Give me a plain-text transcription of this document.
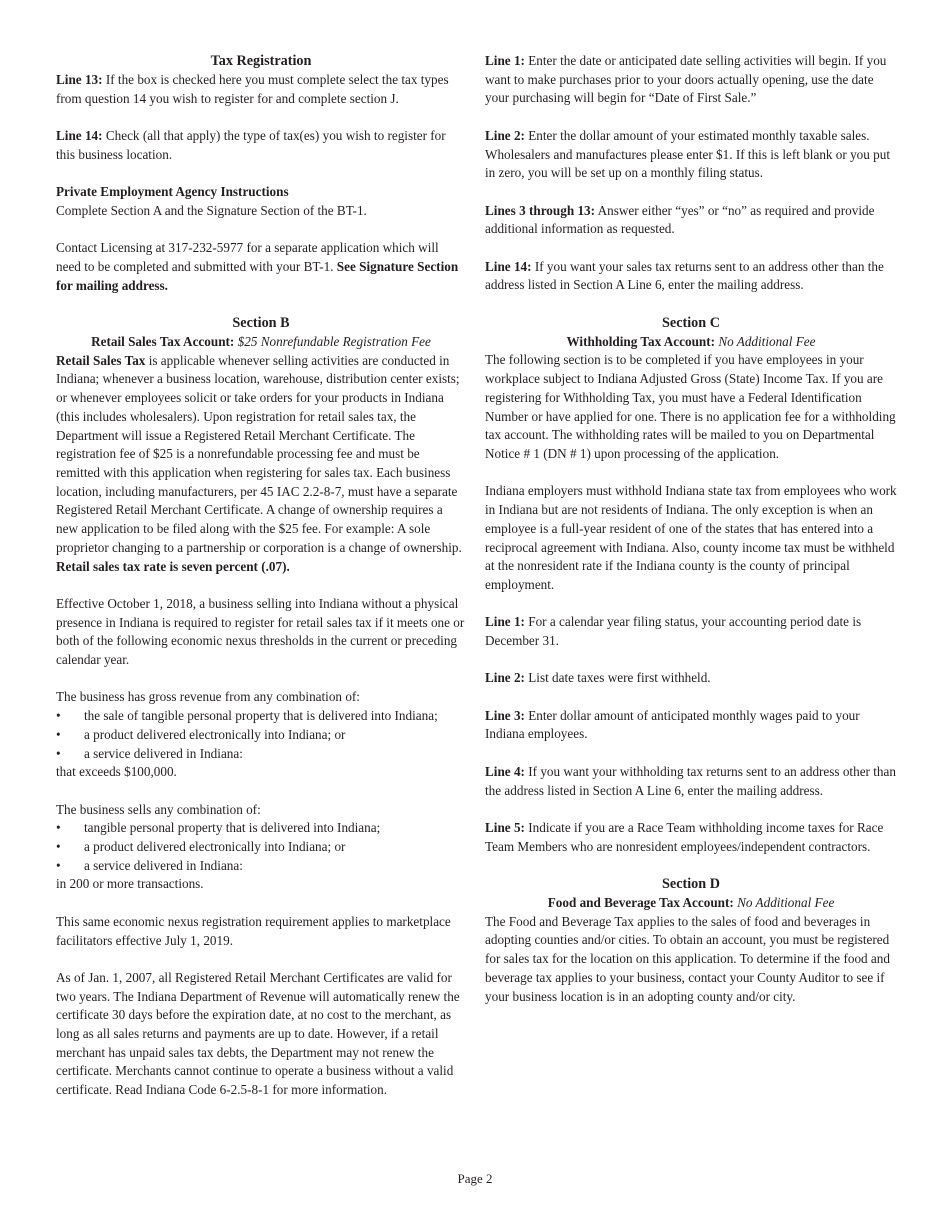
Tax Registration

Line 13: If the box is checked here you must complete select the tax types from question 14 you wish to register for and complete section J.

Line 14: Check (all that apply) the type of tax(es) you wish to register for this business location.

Private Employment Agency Instructions

Complete Section A and the Signature Section of the BT-1.

Contact Licensing at 317-232-5977 for a separate application which will need to be completed and submitted with your BT-1. See Signature Section for mailing address.

Section B

Retail Sales Tax Account: $25 Nonrefundable Registration Fee

Retail Sales Tax is applicable whenever selling activities are conducted in Indiana; whenever a business location, warehouse, distribution center exists; or whenever employees solicit or take orders for your products in Indiana (this includes wholesalers). Upon registration for retail sales tax, the Department will issue a Registered Retail Merchant Certificate. The registration fee of $25 is a nonrefundable processing fee and must be remitted with this application when registering for sales tax. Each business location, including manufacturers, per 45 IAC 2.2-8-7, must have a separate Registered Retail Merchant Certificate. A change of ownership requires a new application to be filed along with the $25 fee. For example: A sole proprietor changing to a partnership or corporation is a change of ownership. Retail sales tax rate is seven percent (.07).

Effective October 1, 2018, a business selling into Indiana without a physical presence in Indiana is required to register for retail sales tax if it meets one or both of the following economic nexus thresholds in the current or preceding calendar year.

The business has gross revenue from any combination of:
• the sale of tangible personal property that is delivered into Indiana;
• a product delivered electronically into Indiana; or
• a service delivered in Indiana:

that exceeds $100,000.

The business sells any combination of:
• tangible personal property that is delivered into Indiana;
• a product delivered electronically into Indiana; or
• a service delivered in Indiana:

in 200 or more transactions.

This same economic nexus registration requirement applies to marketplace facilitators effective July 1, 2019.

As of Jan. 1, 2007, all Registered Retail Merchant Certificates are valid for two years. The Indiana Department of Revenue will automatically renew the certificate 30 days before the expiration date, at no cost to the merchant, as long as all sales returns and payments are up to date. However, if a retail merchant has unpaid sales tax debts, the Department may not renew the certificate. Merchants cannot continue to operate a business without a valid certificate. Read Indiana Code 6-2.5-8-1 for more information.

Line 1: Enter the date or anticipated date selling activities will begin. If you want to make purchases prior to your doors actually opening, use the date your purchasing will begin for “Date of First Sale.”

Line 2: Enter the dollar amount of your estimated monthly taxable sales. Wholesalers and manufactures please enter $1. If this is left blank or you put in zero, you will be set up on a monthly filing status.

Lines 3 through 13: Answer either “yes” or “no” as required and provide additional information as requested.

Line 14: If you want your sales tax returns sent to an address other than the address listed in Section A Line 6, enter the mailing address.

Section C

Withholding Tax Account: No Additional Fee

The following section is to be completed if you have employees in your workplace subject to Indiana Adjusted Gross (State) Income Tax. If you are registering for Withholding Tax, you must have a Federal Identification Number or have applied for one. There is no application fee for a withholding tax account. The withholding rates will be mailed to you on Departmental Notice # 1 (DN # 1) upon processing of the application.

Indiana employers must withhold Indiana state tax from employees who work in Indiana but are not residents of Indiana. The only exception is when an employee is a full-year resident of one of the states that has entered into a reciprocal agreement with Indiana. Also, county income tax must be withheld at the nonresident rate if the Indiana county is the county of principal employment.

Line 1: For a calendar year filing status, your accounting period date is December 31.

Line 2: List date taxes were first withheld.

Line 3: Enter dollar amount of anticipated monthly wages paid to your Indiana employees.

Line 4: If you want your withholding tax returns sent to an address other than the address listed in Section A Line 6, enter the mailing address.

Line 5: Indicate if you are a Race Team withholding income taxes for Race Team Members who are nonresident employees/independent contractors.

Section D

Food and Beverage Tax Account: No Additional Fee

The Food and Beverage Tax applies to the sales of food and beverages in adopting counties and/or cities. To obtain an account, you must be registered for sales tax for the location on this application. To determine if the food and beverage tax applies to your business, contact your County Auditor to see if your business location is in an adopting county and/or city.

Page 2
